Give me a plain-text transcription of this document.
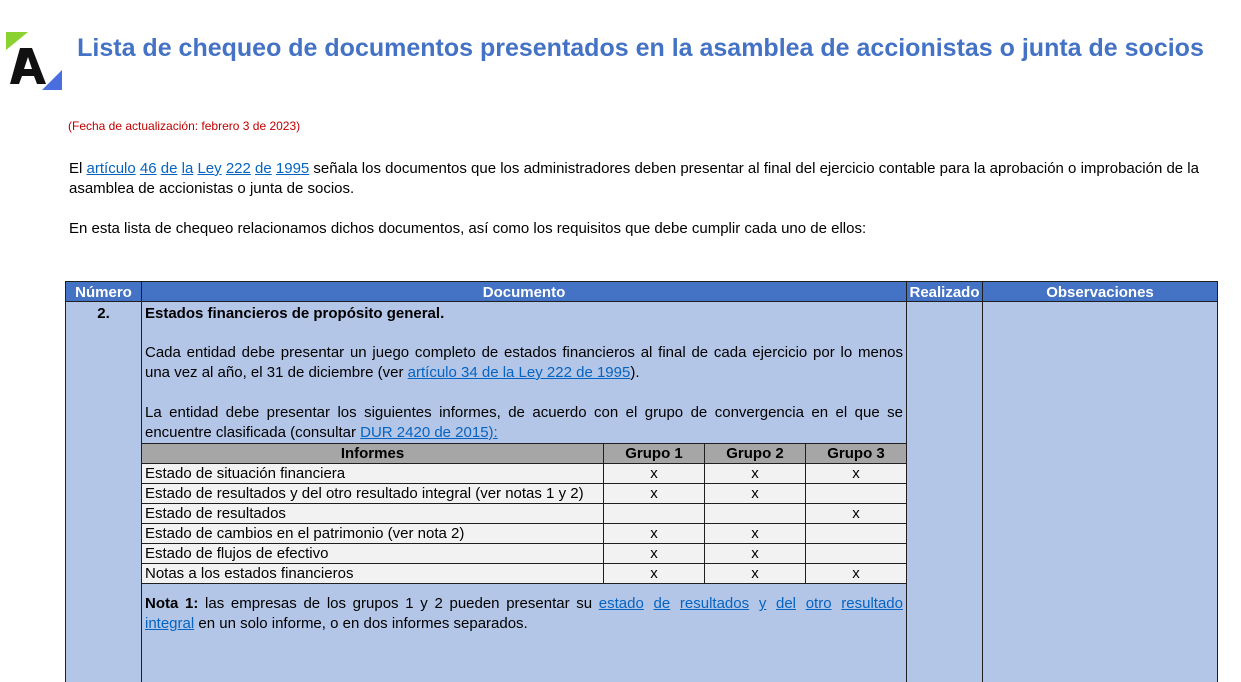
Lista de chequeo de documentos presentados en la asamblea de accionistas o junta de socios
(Fecha de actualización: febrero 3 de 2023)
El artículo 46 de la Ley 222 de 1995 señala los documentos que los administradores deben presentar al final del ejercicio contable para la aprobación o improbación de la asamblea de accionistas o junta de socios.
En esta lista de chequeo relacionamos dichos documentos, así como los requisitos que debe cumplir cada uno de ellos:
Número	Documento	Realizado	Observaciones
2.	Estados financieros de propósito general.

Cada entidad debe presentar un juego completo de estados financieros al final de cada ejercicio por lo menos una vez al año, el 31 de diciembre (ver artículo 34 de la Ley 222 de 1995).

La entidad debe presentar los siguientes informes, de acuerdo con el grupo de convergencia en el que se encuentre clasificada (consultar DUR 2420 de 2015):

Informes	Grupo 1	Grupo 2	Grupo 3
Estado de situación financiera	x	x	x
Estado de resultados y del otro resultado integral (ver notas 1 y 2)	x	x	
Estado de resultados			x
Estado de cambios en el patrimonio (ver nota 2)	x	x	
Estado de flujos de efectivo	x	x	
Notas a los estados financieros	x	x	x
Nota 1: las empresas de los grupos 1 y 2 pueden presentar su estado de resultados y del otro resultado integral en un solo informe, o en dos informes separados.
